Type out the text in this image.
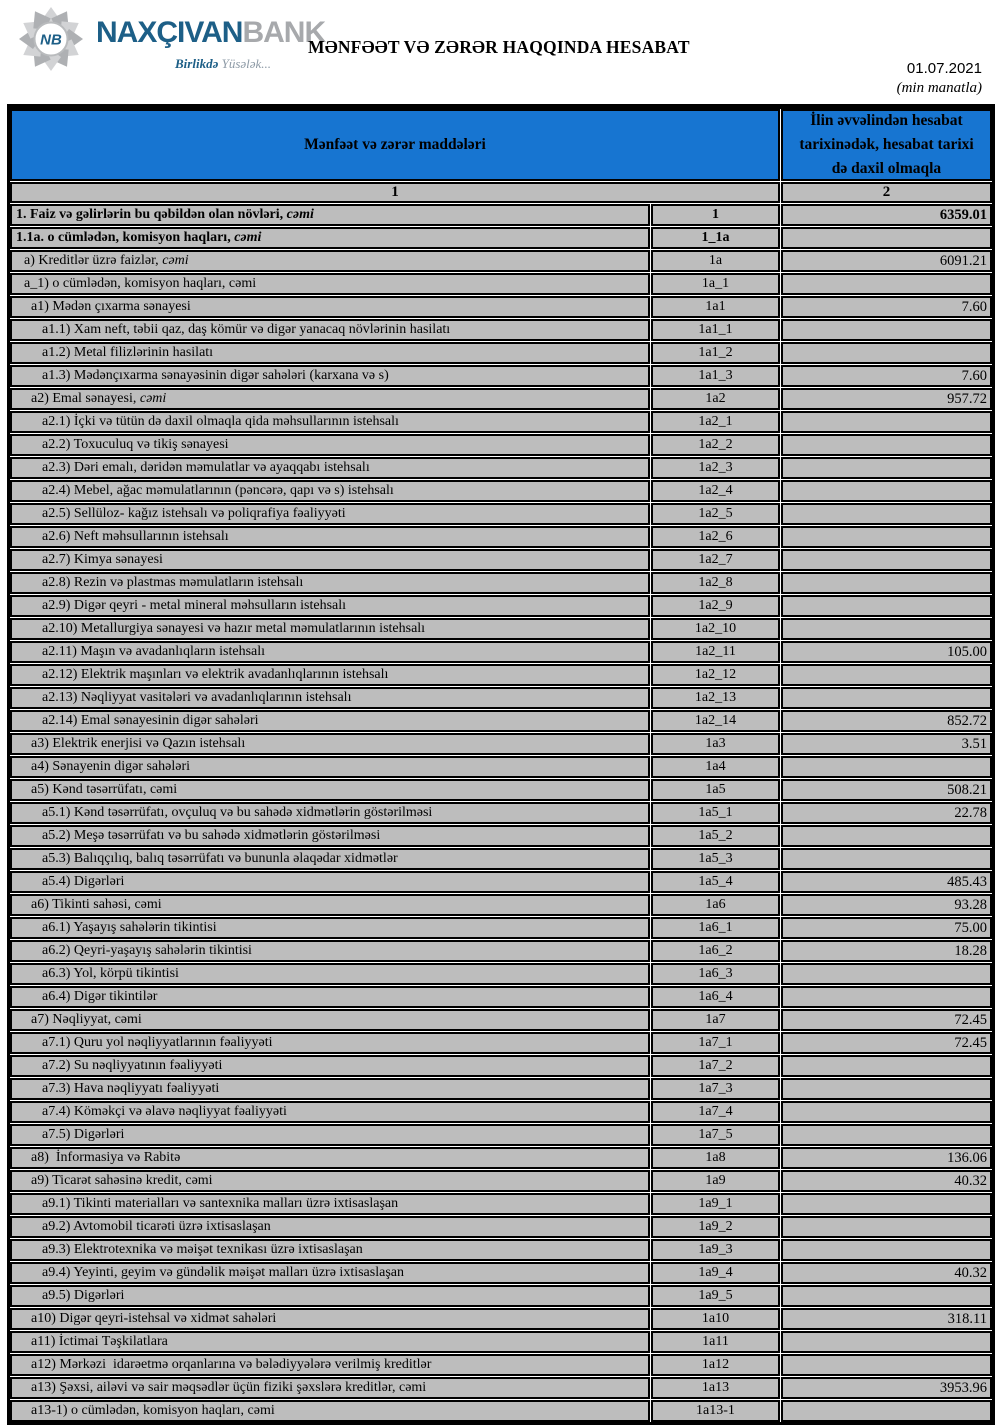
NB NAXÇIVANBANK
Birlikdə Yüsələk...
MƏNFƏƏT VƏ ZƏRƏR HAQQINDA HESABAT
01.07.2021
(min manatla)
Mənfəət və zərər maddələri
İlin əvvəlindən hesabat tarixinədək, hesabat tarixi də daxil olmaqla
1	2
1. Faiz və gəlirlərin bu qəbildən olan növləri, cəmi	1	6359.01
1.1a. o cümlədən, komisyon haqları, cəmi	1_1a
a) Kreditlər üzrə faizlər, cəmi	1a	6091.21
a_1) o cümlədən, komisyon haqları, cəmi	1a_1
a1) Mədən çıxarma sənayesi	1a1	7.60
a1.1) Xam neft, təbii qaz, daş kömür və digər yanacaq növlərinin hasilatı	1a1_1
a1.2) Metal filizlərinin hasilatı	1a1_2
a1.3) Mədənçıxarma sənayəsinin digər sahələri (karxana və s)	1a1_3	7.60
a2) Emal sənayesi, cəmi	1a2	957.72
a2.1) İçki və tütün də daxil olmaqla qida məhsullarının istehsalı	1a2_1
a2.2) Toxuculuq və tikiş sənayesi	1a2_2
a2.3) Dəri emalı, dəridən məmulatlar və ayaqqabı istehsalı	1a2_3
a2.4) Mebel, ağac məmulatlarının (pəncərə, qapı və s) istehsalı	1a2_4
a2.5) Sellüloz- kağız istehsalı və poliqrafiya fəaliyyəti	1a2_5
a2.6) Neft məhsullarının istehsalı	1a2_6
a2.7) Kimya sənayesi	1a2_7
a2.8) Rezin və plastmas məmulatların istehsalı	1a2_8
a2.9) Digər qeyri - metal mineral məhsulların istehsalı	1a2_9
a2.10) Metallurgiya sənayesi və hazır metal məmulatlarının istehsalı	1a2_10
a2.11) Maşın və avadanlıqların istehsalı	1a2_11	105.00
a2.12) Elektrik maşınları və elektrik avadanlıqlarının istehsalı	1a2_12
a2.13) Nəqliyyat vasitələri və avadanlıqlarının istehsalı	1a2_13
a2.14) Emal sənayesinin digər sahələri	1a2_14	852.72
a3) Elektrik enerjisi və Qazın istehsalı	1a3	3.51
a4) Sənayenin digər sahələri	1a4
a5) Kənd təsərrüfatı, cəmi	1a5	508.21
a5.1) Kənd təsərrüfatı, ovçuluq və bu sahədə xidmətlərin göstərilməsi	1a5_1	22.78
a5.2) Meşə təsərrüfatı və bu sahədə xidmətlərin göstərilməsi	1a5_2
a5.3) Balıqçılıq, balıq təsərrüfatı və bununla əlaqədar xidmətlər	1a5_3
a5.4) Digərləri	1a5_4	485.43
a6) Tikinti sahəsi, cəmi	1a6	93.28
a6.1) Yaşayış sahələrin tikintisi	1a6_1	75.00
a6.2) Qeyri-yaşayış sahələrin tikintisi	1a6_2	18.28
a6.3) Yol, körpü tikintisi	1a6_3
a6.4) Digər tikintilər	1a6_4
a7) Nəqliyyat, cəmi	1a7	72.45
a7.1) Quru yol nəqliyyatlarının fəaliyyəti	1a7_1	72.45
a7.2) Su nəqliyyatının fəaliyyəti	1a7_2
a7.3) Hava nəqliyyatı fəaliyyəti	1a7_3
a7.4) Köməkçi və əlavə nəqliyyat fəaliyyəti	1a7_4
a7.5) Digərləri	1a7_5
a8)  İnformasiya və Rabitə	1a8	136.06
a9) Ticarət sahəsinə kredit, cəmi	1a9	40.32
a9.1) Tikinti materialları və santexnika malları üzrə ixtisaslaşan	1a9_1
a9.2) Avtomobil ticarəti üzrə ixtisaslaşan	1a9_2
a9.3) Elektrotexnika və məişət texnikası üzrə ixtisaslaşan	1a9_3
a9.4) Yeyinti, geyim və gündəlik məişət malları üzrə ixtisaslaşan	1a9_4	40.32
a9.5) Digərləri	1a9_5
a10) Digər qeyri-istehsal və xidmət sahələri	1a10	318.11
a11) İctimai Təşkilatlara	1a11
a12) Mərkəzi  idarəetmə orqanlarına və bələdiyyələrə verilmiş kreditlər	1a12
a13) Şəxsi, ailəvi və sair məqsədlər üçün fiziki şəxslərə kreditlər, cəmi	1a13	3953.96
a13-1) o cümlədən, komisyon haqları, cəmi	1a13-1
